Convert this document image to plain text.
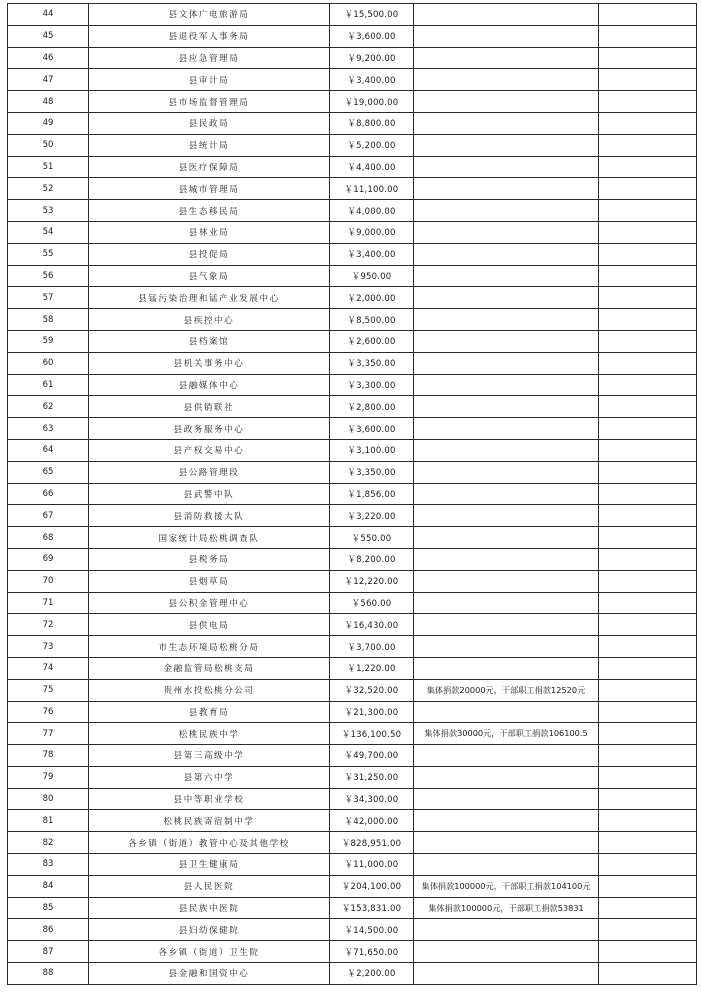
44	县文体广电旅游局	￥15,500.00		
45	县退役军人事务局	￥3,600.00		
46	县应急管理局	￥9,200.00		
47	县审计局	￥3,400.00		
48	县市场监督管理局	￥19,000.00		
49	县民政局	￥8,800.00		
50	县统计局	￥5,200.00		
51	县医疗保障局	￥4,400.00		
52	县城市管理局	￥11,100.00		
53	县生态移民局	￥4,000.00		
54	县林业局	￥9,000.00		
55	县投促局	￥3,400.00		
56	县气象局	￥950.00		
57	县锰污染治理和锰产业发展中心	￥2,000.00		
58	县疾控中心	￥8,500.00		
59	县档案馆	￥2,600.00		
60	县机关事务中心	￥3,350.00		
61	县融媒体中心	￥3,300.00		
62	县供销联社	￥2,800.00		
63	县政务服务中心	￥3,600.00		
64	县产权交易中心	￥3,100.00		
65	县公路管理段	￥3,350.00		
66	县武警中队	￥1,856.00		
67	县消防救援大队	￥3,220.00		
68	国家统计局松桃调查队	￥550.00		
69	县税务局	￥8,200.00		
70	县烟草局	￥12,220.00		
71	县公积金管理中心	￥560.00		
72	县供电局	￥16,430.00		
73	市生态环境局松桃分局	￥3,700.00		
74	金融监管局松桃支局	￥1,220.00		
75	贵州水投松桃分公司	￥32,520.00	集体捐款20000元，干部职工捐款12520元	
76	县教育局	￥21,300.00		
77	松桃民族中学	￥136,100.50	集体捐款30000元，干部职工捐款106100.5	
78	县第三高级中学	￥49,700.00		
79	县第六中学	￥31,250.00		
80	县中等职业学校	￥34,300.00		
81	松桃民族寄宿制中学	￥42,000.00		
82	各乡镇（街道）教管中心及其他学校	￥828,951.00		
83	县卫生健康局	￥11,000.00		
84	县人民医院	￥204,100.00	集体捐款100000元，干部职工捐款104100元	
85	县民族中医院	￥153,831.00	集体捐款100000元，干部职工捐款53831	
86	县妇幼保健院	￥14,500.00		
87	各乡镇（街道）卫生院	￥71,650.00		
88	县金融和国资中心	￥2,200.00		
